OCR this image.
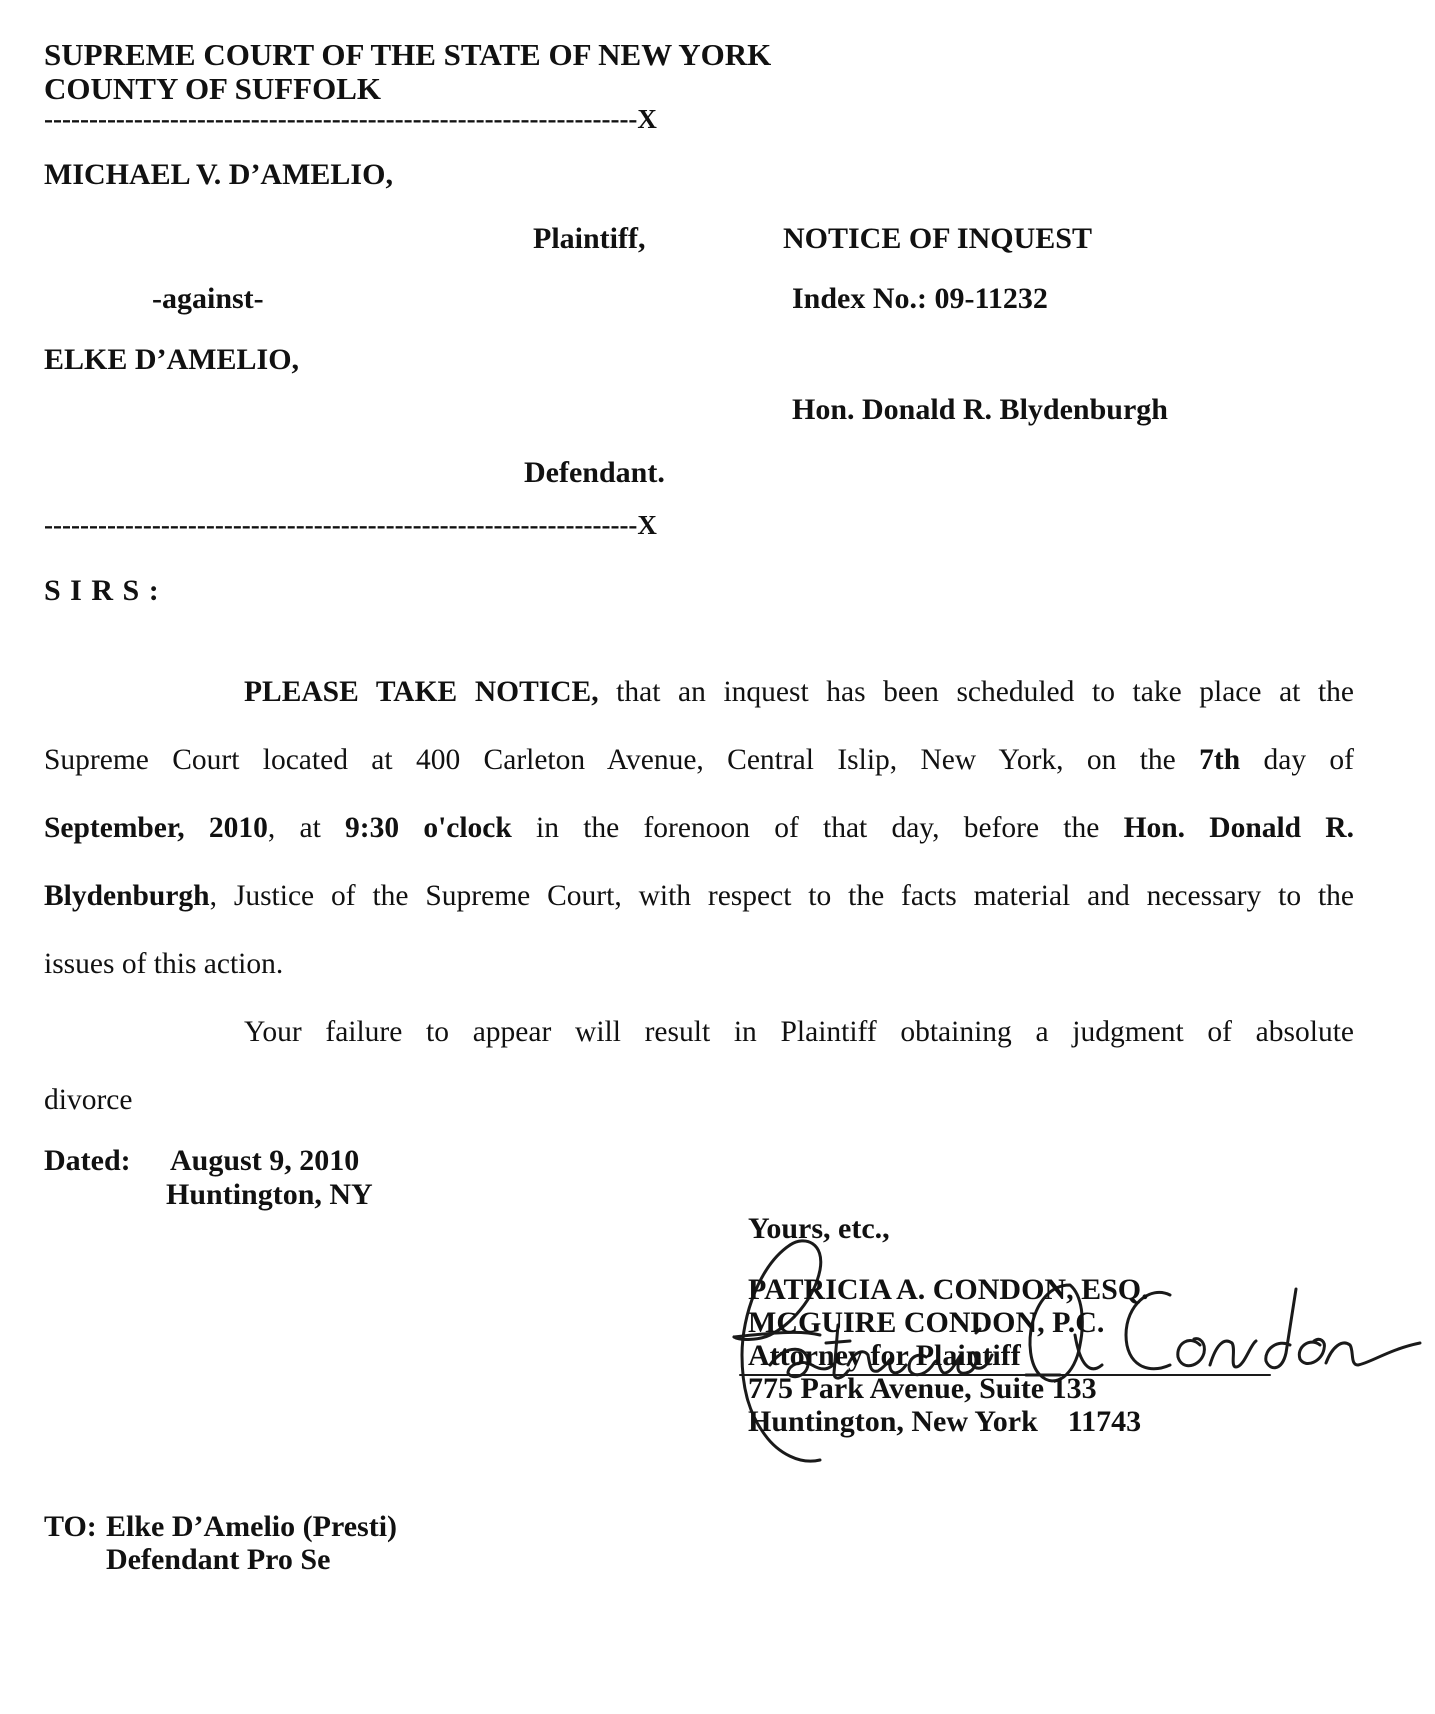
SUPREME COURT OF THE STATE OF NEW YORK
COUNTY OF SUFFOLK
------------------------------------------------------------------X
MICHAEL V. D’AMELIO,
Plaintiff,	NOTICE OF INQUEST
-against-	Index No.: 09-11232
ELKE D’AMELIO,
Hon. Donald R. Blydenburgh
Defendant.
------------------------------------------------------------------X
S I R S :
PLEASE TAKE NOTICE, that an inquest has been scheduled to take place at the
Supreme Court located at 400 Carleton Avenue, Central Islip, New York, on the 7th day of
September, 2010, at 9:30 o'clock in the forenoon of that day, before the Hon. Donald R.
Blydenburgh, Justice of the Supreme Court, with respect to the facts material and necessary to the
issues of this action.
Your failure to appear will result in Plaintiff obtaining a judgment of absolute
divorce
Dated: August 9, 2010
Huntington, NY
Yours, etc.,
PATRICIA A. CONDON, ESQ.
MCGUIRE CONDON, P.C.
Attorney for Plaintiff
775 Park Avenue, Suite 133
Huntington, New York    11743
TO: Elke D’Amelio (Presti)
Defendant Pro Se
